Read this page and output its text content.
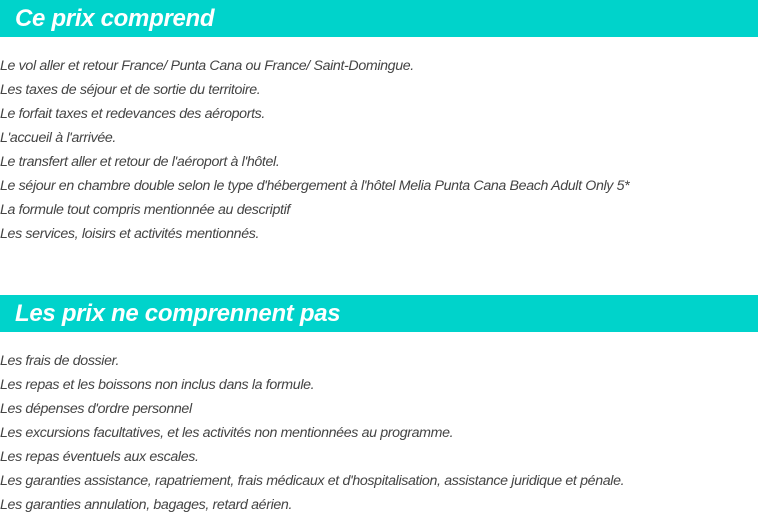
Ce prix comprend
Le vol aller et retour France/ Punta Cana ou France/ Saint-Domingue.
Les taxes de séjour et de sortie du territoire.
Le forfait taxes et redevances des aéroports.
L'accueil à l'arrivée.
Le transfert aller et retour de l'aéroport à l'hôtel.
Le séjour en chambre double selon le type d'hébergement à l'hôtel Melia Punta Cana Beach Adult Only 5*
La formule tout compris mentionnée au descriptif
Les services, loisirs et activités mentionnés.
Les prix ne comprennent pas
Les frais de dossier.
Les repas et les boissons non inclus dans la formule.
Les dépenses d'ordre personnel
Les excursions facultatives, et les activités non mentionnées au programme.
Les repas éventuels aux escales.
Les garanties assistance, rapatriement, frais médicaux et d'hospitalisation, assistance juridique et pénale.
Les garanties annulation, bagages, retard aérien.
